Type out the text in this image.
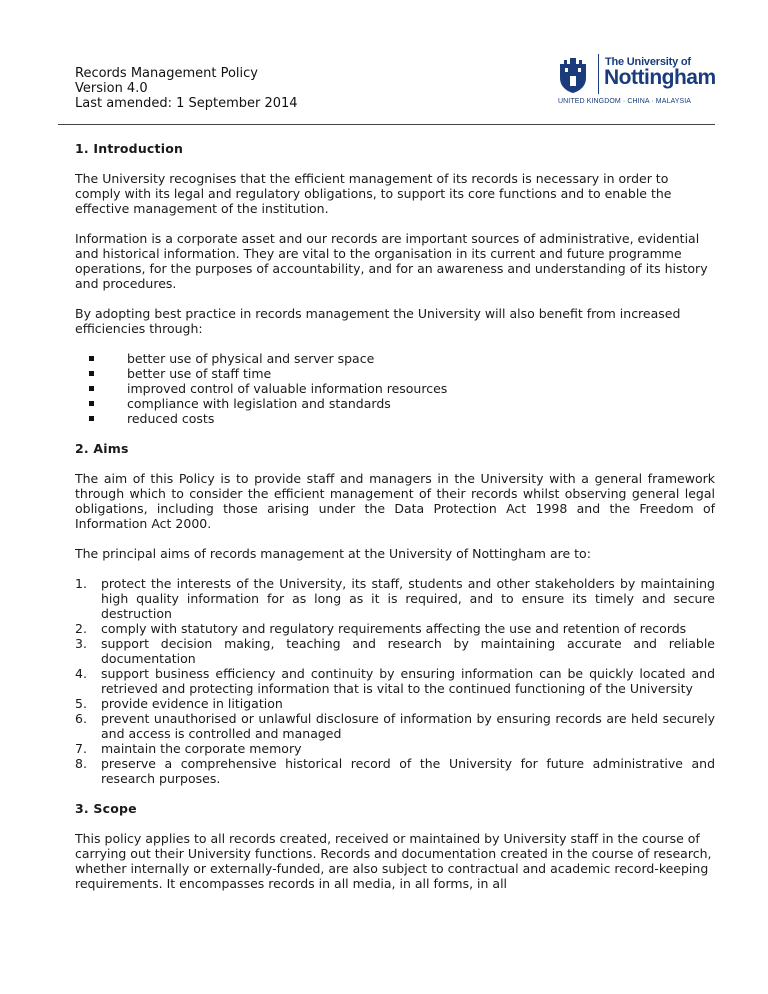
Records Management Policy
Version 4.0
Last amended: 1 September 2014
The University of
Nottingham
UNITED KINGDOM · CHINA · MALAYSIA
1. Introduction

The University recognises that the efficient management of its records is necessary in order to comply with its legal and regulatory obligations, to support its core functions and to enable the effective management of the institution.

Information is a corporate asset and our records are important sources of administrative, evidential and historical information. They are vital to the organisation in its current and future programme operations, for the purposes of accountability, and for an awareness and understanding of its history and procedures.

By adopting best practice in records management the University will also benefit from increased efficiencies through:

better use of physical and server space
better use of staff time
improved control of valuable information resources
compliance with legislation and standards
reduced costs
2. Aims

The aim of this Policy is to provide staff and managers in the University with a general framework through which to consider the efficient management of their records whilst observing general legal obligations, including those arising under the Data Protection Act 1998 and the Freedom of Information Act 2000.

The principal aims of records management at the University of Nottingham are to:

1. protect the interests of the University, its staff, students and other stakeholders by maintaining high quality information for as long as it is required, and to ensure its timely and secure destruction
2. comply with statutory and regulatory requirements affecting the use and retention of records
3. support decision making, teaching and research by maintaining accurate and reliable documentation
4. support business efficiency and continuity by ensuring information can be quickly located and retrieved and protecting information that is vital to the continued functioning of the University
5. provide evidence in litigation
6. prevent unauthorised or unlawful disclosure of information by ensuring records are held securely and access is controlled and managed
7. maintain the corporate memory
8. preserve a comprehensive historical record of the University for future administrative and research purposes.
3. Scope

This policy applies to all records created, received or maintained by University staff in the course of carrying out their University functions. Records and documentation created in the course of research, whether internally or externally-funded, are also subject to contractual and academic record-keeping requirements. It encompasses records in all media, in all forms, in all
